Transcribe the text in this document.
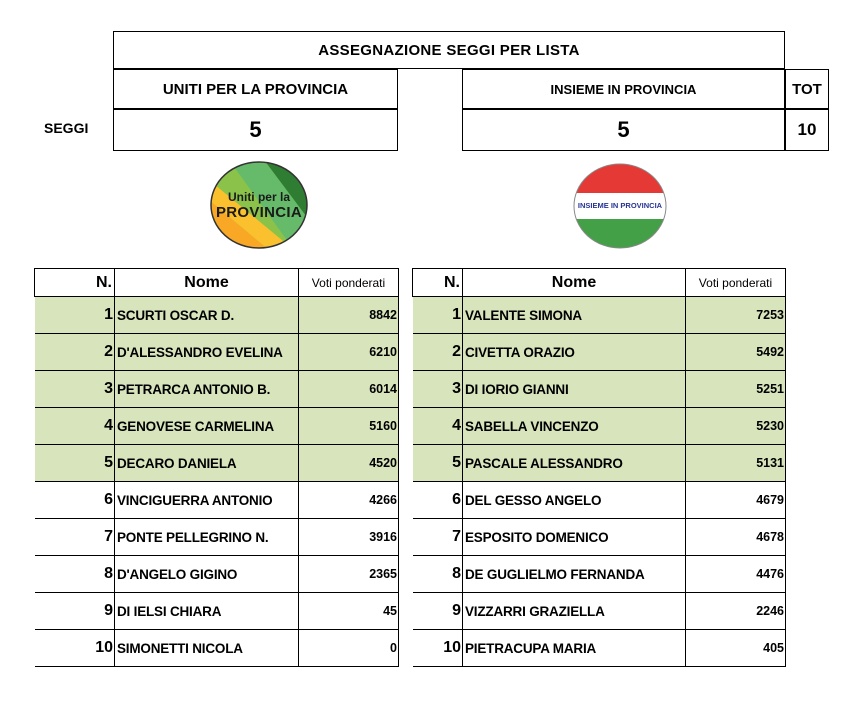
ASSEGNAZIONE SEGGI PER LISTA
UNITI PER LA PROVINCIA	INSIEME IN PROVINCIA	TOT
SEGGI	5	5	10
Uniti per la
PROVINCIA	INSIEME IN PROVINCIA
N.	Nome	Voti ponderati
1	SCURTI OSCAR D.	8842
2	D'ALESSANDRO EVELINA	6210
3	PETRARCA ANTONIO B.	6014
4	GENOVESE CARMELINA	5160
5	DECARO DANIELA	4520
6	VINCIGUERRA ANTONIO	4266
7	PONTE PELLEGRINO N.	3916
8	D'ANGELO GIGINO	2365
9	DI IELSI CHIARA	45
10	SIMONETTI NICOLA	0
N.	Nome	Voti ponderati
1	VALENTE SIMONA	7253
2	CIVETTA ORAZIO	5492
3	DI IORIO GIANNI	5251
4	SABELLA VINCENZO	5230
5	PASCALE ALESSANDRO	5131
6	DEL GESSO ANGELO	4679
7	ESPOSITO DOMENICO	4678
8	DE GUGLIELMO FERNANDA	4476
9	VIZZARRI GRAZIELLA	2246
10	PIETRACUPA MARIA	405
